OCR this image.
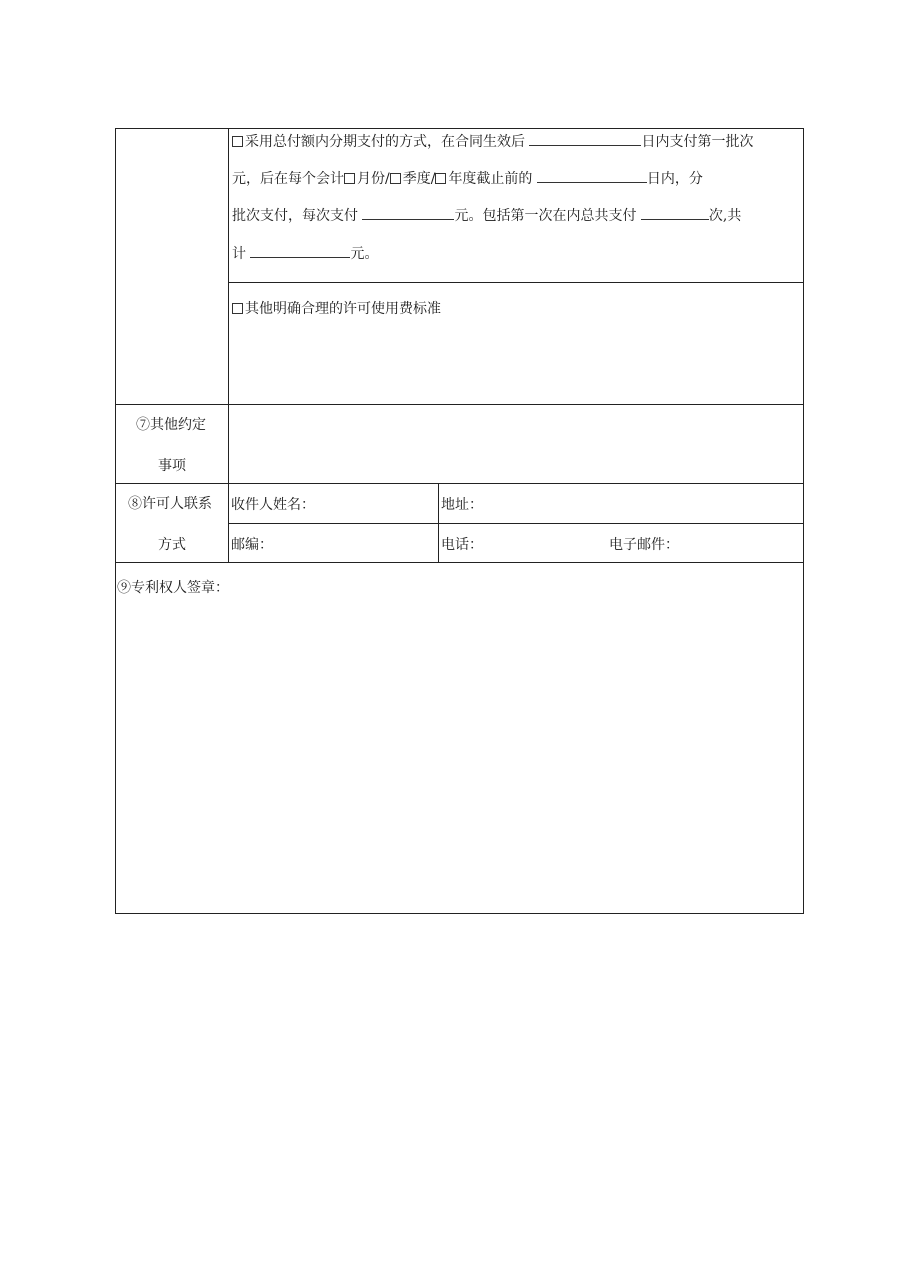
采用总付额内分期支付的方式，在合同生效后	日内支付第一批次
元，后在每个会计 月份/ 季度/ 年度截止前的	日内，分
批次支付，每次支付	元。包括第一次在内总共支付	次,共
计	元。
其他明确合理的许可使用费标准
⑦其他约定
事项
⑧许可人联系
方式
收件人姓名：	地址：
邮编：	电话：	电子邮件：
⑨专利权人签章：
